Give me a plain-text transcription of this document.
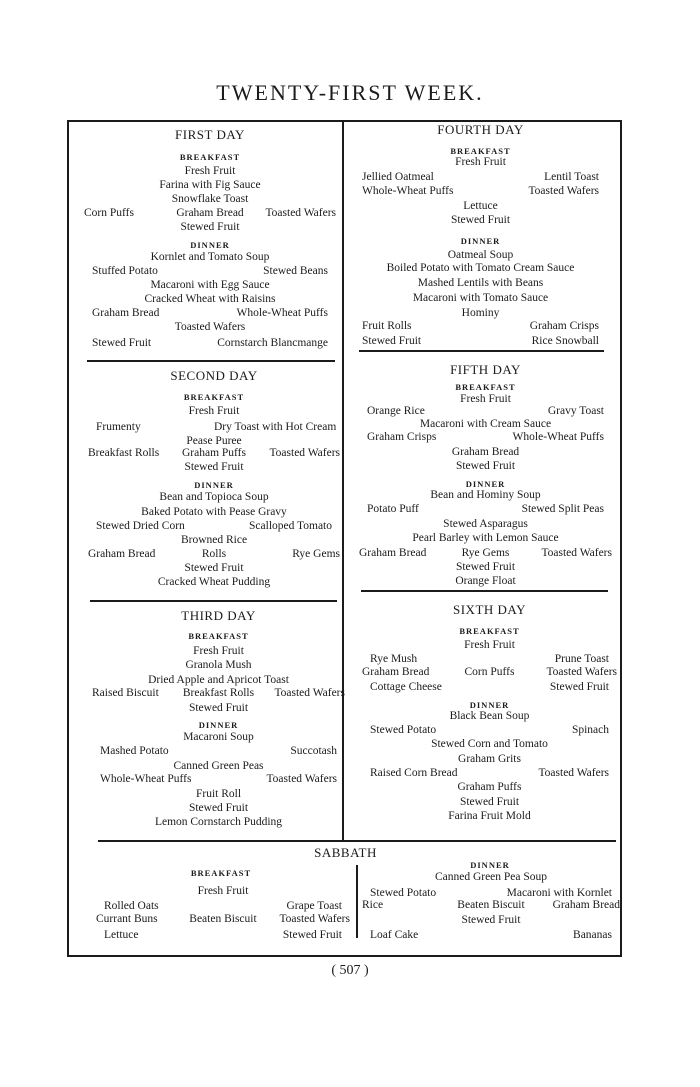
TWENTY-FIRST WEEK.
FIRST DAY
BREAKFAST
Fresh Fruit
Farina with Fig Sauce
Snowflake Toast
Corn Puffs	Graham Bread	Toasted Wafers
Stewed Fruit
DINNER
Kornlet and Tomato Soup
Stuffed Potato	Stewed Beans
Macaroni with Egg Sauce
Cracked Wheat with Raisins
Graham Bread	Whole-Wheat Puffs
Toasted Wafers
Stewed Fruit	Cornstarch Blancmange
SECOND DAY
BREAKFAST
Fresh Fruit
Frumenty	Dry Toast with Hot Cream
Pease Puree
Breakfast Rolls	Graham Puffs	Toasted Wafers
Stewed Fruit
DINNER
Bean and Topioca Soup
Baked Potato with Pease Gravy
Stewed Dried Corn	Scalloped Tomato
Browned Rice
Graham Bread	Rolls	Rye Gems
Stewed Fruit
Cracked Wheat Pudding
THIRD DAY
BREAKFAST
Fresh Fruit
Granola Mush
Dried Apple and Apricot Toast
Raised Biscuit	Breakfast Rolls	Toasted Wafers
Stewed Fruit
DINNER
Macaroni Soup
Mashed Potato	Succotash
Canned Green Peas
Whole-Wheat Puffs	Toasted Wafers
Fruit Roll
Stewed Fruit
Lemon Cornstarch Pudding
FOURTH DAY
BREAKFAST
Fresh Fruit
Jellied Oatmeal	Lentil Toast
Whole-Wheat Puffs	Toasted Wafers
Lettuce
Stewed Fruit
DINNER
Oatmeal Soup
Boiled Potato with Tomato Cream Sauce
Mashed Lentils with Beans
Macaroni with Tomato Sauce
Hominy
Fruit Rolls	Graham Crisps
Stewed Fruit	Rice Snowball
FIFTH DAY
BREAKFAST
Fresh Fruit
Orange Rice	Gravy Toast
Macaroni with Cream Sauce
Graham Crisps	Whole-Wheat Puffs
Graham Bread
Stewed Fruit
DINNER
Bean and Hominy Soup
Potato Puff	Stewed Split Peas
Stewed Asparagus
Pearl Barley with Lemon Sauce
Graham Bread	Rye Gems	Toasted Wafers
Stewed Fruit
Orange Float
SIXTH DAY
BREAKFAST
Fresh Fruit
Rye Mush	Prune Toast
Graham Bread	Corn Puffs	Toasted Wafers
Cottage Cheese	Stewed Fruit
DINNER
Black Bean Soup
Stewed Potato	Spinach
Stewed Corn and Tomato
Graham Grits
Raised Corn Bread	Toasted Wafers
Graham Puffs
Stewed Fruit
Farina Fruit Mold
SABBATH
BREAKFAST
Fresh Fruit
Rolled Oats	Grape Toast
Currant Buns	Beaten Biscuit	Toasted Wafers
Lettuce	Stewed Fruit
DINNER
Canned Green Pea Soup
Stewed Potato	Macaroni with Kornlet
Rice	Beaten Biscuit	Graham Bread
Stewed Fruit
Loaf Cake	Bananas
( 507 )
